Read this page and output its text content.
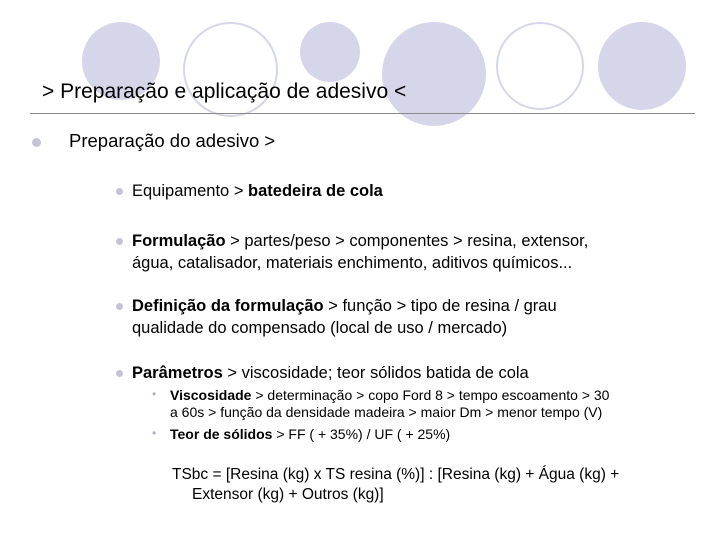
> Preparação e aplicação de adesivo <
Preparação do adesivo >
Equipamento > batedeira de cola
Formulação > partes/peso > componentes > resina, extensor,
água, catalisador, materiais enchimento, aditivos químicos...
Definição da formulação > função > tipo de resina / grau
qualidade do compensado (local de uso / mercado)
Parâmetros > viscosidade; teor sólidos batida de cola
• Viscosidade > determinação > copo Ford 8 > tempo escoamento > 30
a 60s > função da densidade madeira > maior Dm > menor tempo (V)
• Teor de sólidos > FF ( + 35%) / UF ( + 25%)
TSbc = [Resina (kg) x TS resina (%)] : [Resina (kg) + Água (kg) +
Extensor (kg) + Outros (kg)]
